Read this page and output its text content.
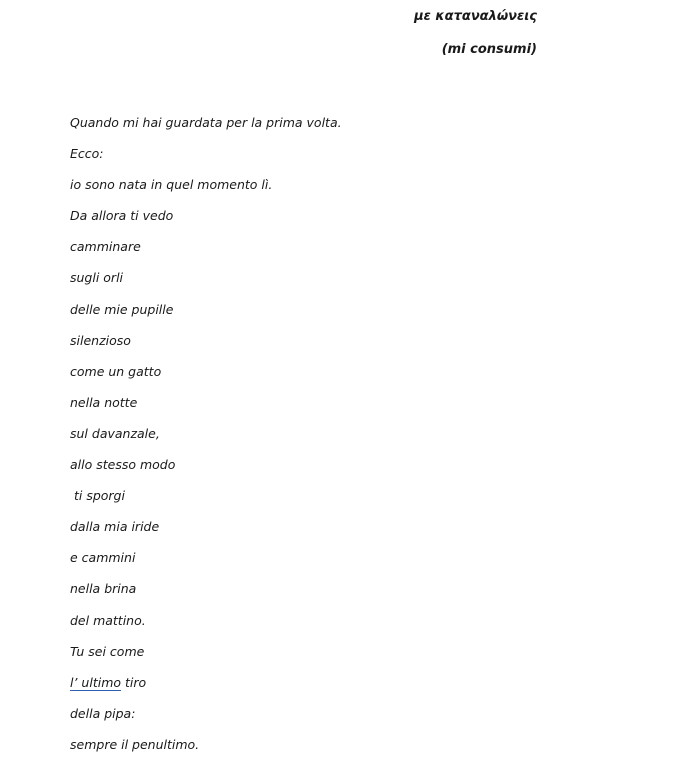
με καταναλώνεις
(mi consumi)
Quando mi hai guardata per la prima volta.
Ecco:
io sono nata in quel momento lì.
Da allora ti vedo
camminare
sugli orli
delle mie pupille
silenzioso
come un gatto
nella notte
sul davanzale,
allo stesso modo
ti sporgi
dalla mia iride
e cammini
nella brina
del mattino.
Tu sei come
l’ ultimo tiro
della pipa:
sempre il penultimo.
